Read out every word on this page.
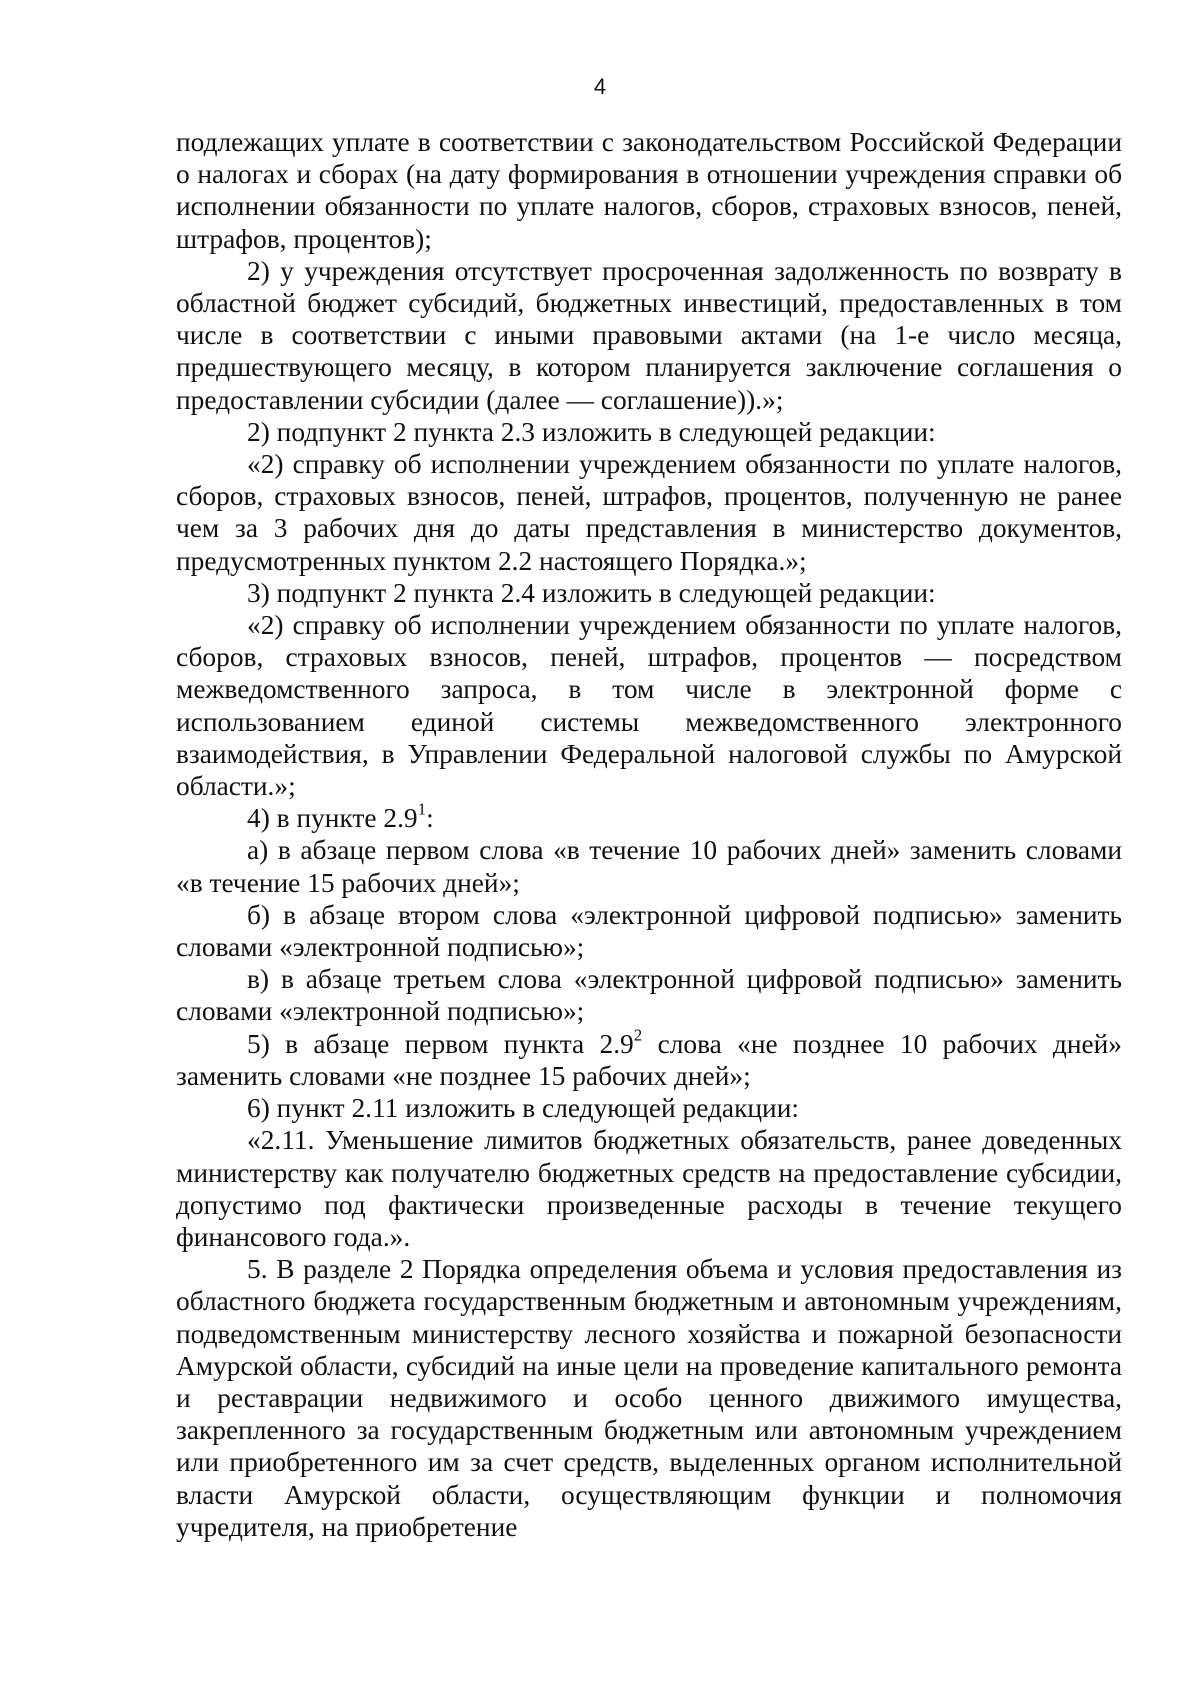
4

подлежащих уплате в соответствии с законодательством Российской Федерации о налогах и сборах (на дату формирования в отношении учреждения справки об исполнении обязанности по уплате налогов, сборов, страховых взносов, пеней, штрафов, процентов);

2) у учреждения отсутствует просроченная задолженность по возврату в областной бюджет субсидий, бюджетных инвестиций, предоставленных в том числе в соответствии с иными правовыми актами (на 1-е число месяца, предшествующего месяцу, в котором планируется заключение соглашения о предоставлении субсидии (далее — соглашение)).»;

2) подпункт 2 пункта 2.3 изложить в следующей редакции:

«2) справку об исполнении учреждением обязанности по уплате налогов, сборов, страховых взносов, пеней, штрафов, процентов, полученную не ранее чем за 3 рабочих дня до даты представления в министерство документов, предусмотренных пунктом 2.2 настоящего Порядка.»;

3) подпункт 2 пункта 2.4 изложить в следующей редакции:

«2) справку об исполнении учреждением обязанности по уплате налогов, сборов, страховых взносов, пеней, штрафов, процентов — посредством межведомственного запроса, в том числе в электронной форме с использованием единой системы межведомственного электронного взаимодействия, в Управлении Федеральной налоговой службы по Амурской области.»;

4) в пункте $2.9^1$:

а) в абзаце первом слова «в течение 10 рабочих дней» заменить словами «в течение 15 рабочих дней»;

б) в абзаце втором слова «электронной цифровой подписью» заменить словами «электронной подписью»;

в) в абзаце третьем слова «электронной цифровой подписью» заменить словами «электронной подписью»;

5) в абзаце первом пункта $2.9^2$ слова «не позднее 10 рабочих дней» заменить словами «не позднее 15 рабочих дней»;

6) пункт 2.11 изложить в следующей редакции:

«2.11. Уменьшение лимитов бюджетных обязательств, ранее доведенных министерству как получателю бюджетных средств на предоставление субсидии, допустимо под фактически произведенные расходы в течение текущего финансового года.».

5. В разделе 2 Порядка определения объема и условия предоставления из областного бюджета государственным бюджетным и автономным учреждениям, подведомственным министерству лесного хозяйства и пожарной безопасности Амурской области, субсидий на иные цели на проведение капитального ремонта и реставрации недвижимого и особо ценного движимого имущества, закрепленного за государственным бюджетным или автономным учреждением или приобретенного им за счет средств, выделенных органом исполнительной власти Амурской области, осуществляющим функции и полномочия учредителя, на приобретение
